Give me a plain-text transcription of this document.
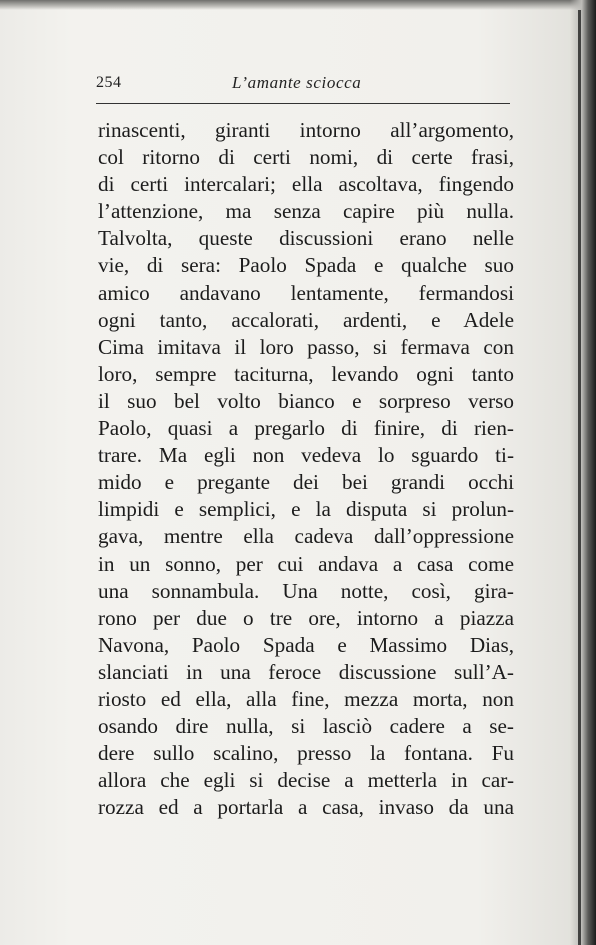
254	L’amante sciocca
rinascenti, giranti intorno all’argomento,
col ritorno di certi nomi, di certe frasi,
di certi intercalari; ella ascoltava, fingendo
l’attenzione, ma senza capire più nulla.
Talvolta, queste discussioni erano nelle
vie, di sera: Paolo Spada e qualche suo
amico andavano lentamente, fermandosi
ogni tanto, accalorati, ardenti, e Adele
Cima imitava il loro passo, si fermava con
loro, sempre taciturna, levando ogni tanto
il suo bel volto bianco e sorpreso verso
Paolo, quasi a pregarlo di finire, di rien-
trare. Ma egli non vedeva lo sguardo ti-
mido e pregante dei bei grandi occhi
limpidi e semplici, e la disputa si prolun-
gava, mentre ella cadeva dall’oppressione
in un sonno, per cui andava a casa come
una sonnambula. Una notte, così, gira-
rono per due o tre ore, intorno a piazza
Navona, Paolo Spada e Massimo Dias,
slanciati in una feroce discussione sull’A-
riosto ed ella, alla fine, mezza morta, non
osando dire nulla, si lasciò cadere a se-
dere sullo scalino, presso la fontana. Fu
allora che egli si decise a metterla in car-
rozza ed a portarla a casa, invaso da una
